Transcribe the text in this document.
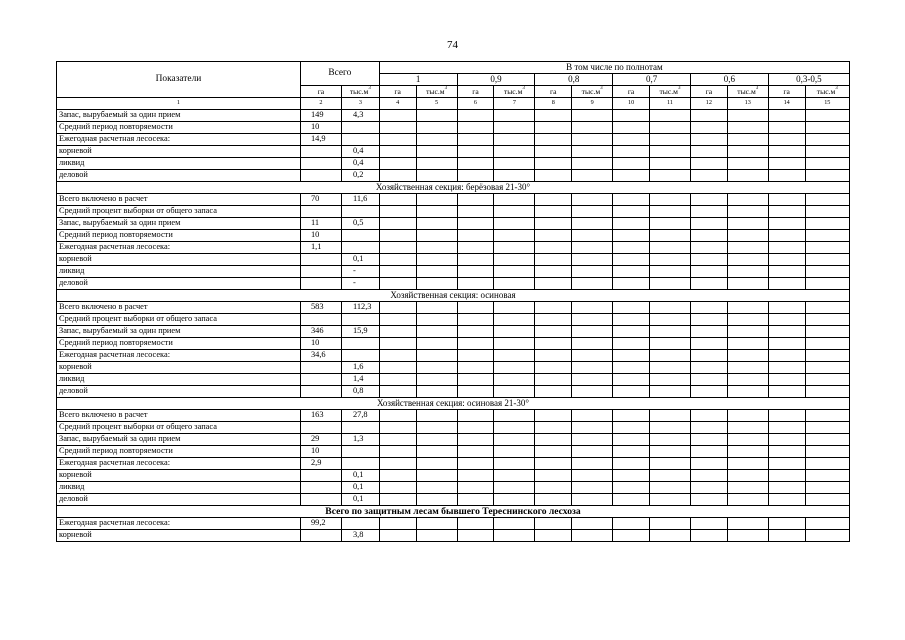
74
Показатели	Всего		В том числе по полнотам											
			1		0,9		0,8		0,7		0,6		0,3-0,5	
	га	$тыс.м^3$	га	$тыс.м^3$	га	$тыс.м^3$	га	$тыс.м^3$	га	$тыс.м^3$	га	$тыс.м^3$	га	$тыс.м^3$
1	2	3	4	5	6	7	8	9	10	11	12	13	14	15
Запас, вырубаемый за один прием	149	4,3												
Средний период повторяемости	10													
Ежегодная расчетная лесосека:	14,9													
корневой		0,4												
ликвид		0,4												
деловой		0,2												
Хозяйственная секция: берёзовая 21-30°														
Всего включено в расчет	70	11,6												
Средний процент выборки от общего запаса														
Запас, вырубаемый за один прием	11	0,5												
Средний период повторяемости	10													
Ежегодная расчетная лесосека:	1,1													
корневой		0,1												
ликвид		-												
деловой		-												
Хозяйственная секция: осиновая														
Всего включено в расчет	583	112,3												
Средний процент выборки от общего запаса														
Запас, вырубаемый за один прием	346	15,9												
Средний период повторяемости	10													
Ежегодная расчетная лесосека:	34,6													
корневой		1,6												
ликвид		1,4												
деловой		0,8												
Хозяйственная секция: осиновая 21-30°														
Всего включено в расчет	163	27,8												
Средний процент выборки от общего запаса														
Запас, вырубаемый за один прием	29	1,3												
Средний период повторяемости	10													
Ежегодная расчетная лесосека:	2,9													
корневой		0,1												
ликвид		0,1												
деловой		0,1												
Всего по защитным лесам бывшего Тереснинского лесхоза														
Ежегодная расчетная лесосека:	99,2													
корневой		3,8												
